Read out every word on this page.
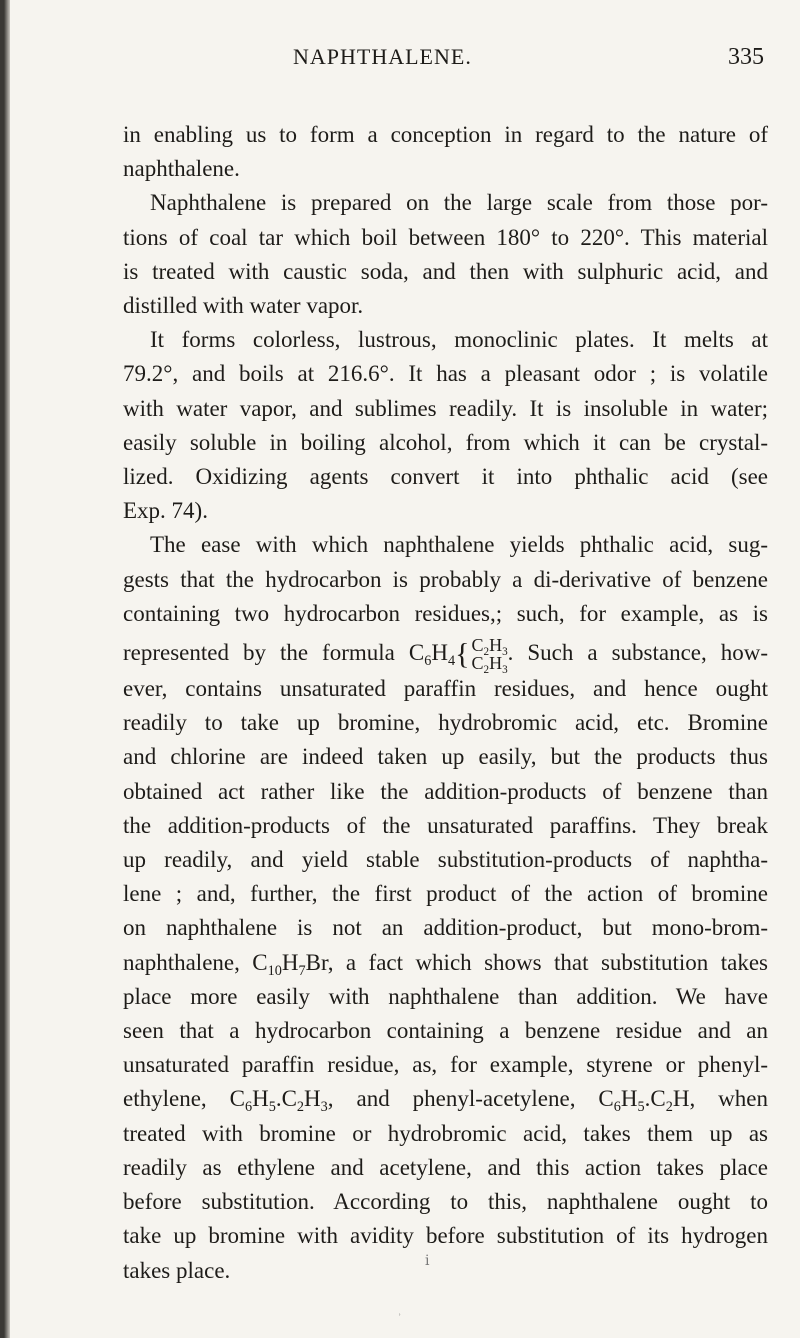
NAPHTHALENE.	335
in enabling us to form a conception in regard to the nature of
naphthalene.
Naphthalene is prepared on the large scale from those por-
tions of coal tar which boil between 180° to 220°. This material
is treated with caustic soda, and then with sulphuric acid, and
distilled with water vapor.
It forms colorless, lustrous, monoclinic plates. It melts at
79.2°, and boils at 216.6°. It has a pleasant odor ; is volatile
with water vapor, and sublimes readily. It is insoluble in water;
easily soluble in boiling alcohol, from which it can be crystal-
lized. Oxidizing agents convert it into phthalic acid (see
Exp. 74).
The ease with which naphthalene yields phthalic acid, sug-
gests that the hydrocarbon is probably a di-derivative of benzene
containing two hydrocarbon residues,; such, for example, as is
represented by the formula $C_6H_4${ $C_2H_3$
$C_2H_3$
. Such a substance, how-
ever, contains unsaturated paraffin residues, and hence ought
readily to take up bromine, hydrobromic acid, etc. Bromine
and chlorine are indeed taken up easily, but the products thus
obtained act rather like the addition-products of benzene than
the addition-products of the unsaturated paraffins. They break
up readily, and yield stable substitution-products of naphtha-
lene ; and, further, the first product of the action of bromine
on naphthalene is not an addition-product, but mono-brom-
naphthalene, $C_{10}H_7Br$, a fact which shows that substitution takes
place more easily with naphthalene than addition. We have
seen that a hydrocarbon containing a benzene residue and an
unsaturated paraffin residue, as, for example, styrene or phenyl-
ethylene, $C_6H_5.C_2H_3$, and phenyl-acetylene, $C_6H_5.C_2H$, when
treated with bromine or hydrobromic acid, takes them up as
readily as ethylene and acetylene, and this action takes place
before substitution. According to this, naphthalene ought to
take up bromine with avidity before substitution of its hydrogen
takes place.	ⅰ
˒
